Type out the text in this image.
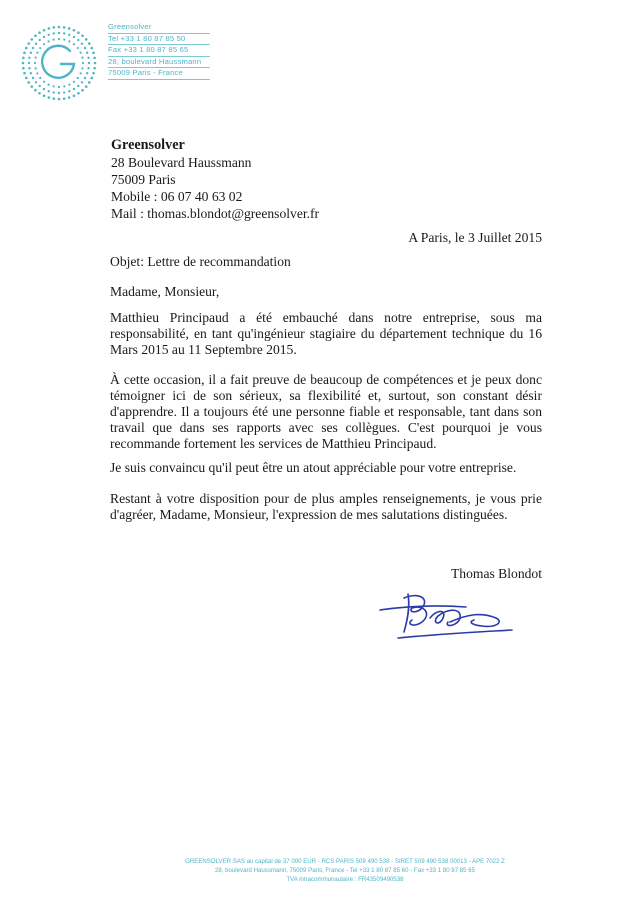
Greensolver
Tel +33 1 80 87 85 50
Fax +33 1 80 87 85 65
28, boulevard Haussmann
75009 Paris - France
Greensolver
28 Boulevard Haussmann
75009 Paris
Mobile : 06 07 40 63 02
Mail : thomas.blondot@greensolver.fr
A Paris, le 3 Juillet 2015
Objet: Lettre de recommandation
Madame, Monsieur,
Matthieu Principaud a été embauché dans notre entreprise, sous ma responsabilité, en tant qu'ingénieur stagiaire du département technique du 16 Mars 2015 au 11 Septembre 2015.
À cette occasion, il a fait preuve de beaucoup de compétences et je peux donc témoigner ici de son sérieux, sa flexibilité et, surtout, son constant désir d'apprendre. Il a toujours été une personne fiable et responsable, tant dans son travail que dans ses rapports avec ses collègues. C'est pourquoi je vous recommande fortement les services de Matthieu Principaud.
Je suis convaincu qu'il peut être un atout appréciable pour votre entreprise.
Restant à votre disposition pour de plus amples renseignements, je vous prie d'agréer, Madame, Monsieur, l'expression de mes salutations distinguées.
Thomas Blondot
GREENSOLVER SAS au capital de 37 000 EUR - RCS PARIS 509 490 538 - SIRET 509 490 538 00013 - APE 7022 Z
28, boulevard Haussmann, 75009 Paris, France - Tel +33 1 80 87 85 60 - Fax +33 1 80 87 85 65
TVA intracommunautaire : FR43509490538
